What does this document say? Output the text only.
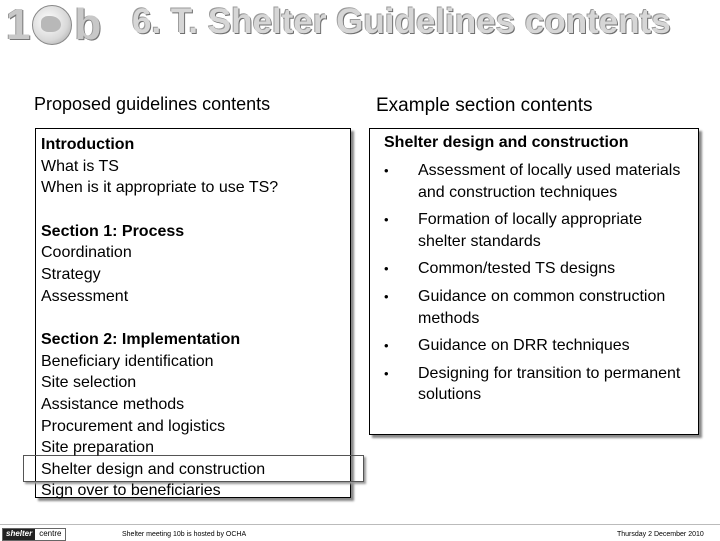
1 b 6. T. Shelter Guidelines contents
Proposed guidelines contents	Example section contents
Introduction
What is TS
When is it appropriate to use TS?
Section 1: Process
Coordination
Strategy
Assessment
Section 2: Implementation
Beneficiary identification
Site selection
Assistance methods
Procurement and logistics
Site preparation
Shelter design and construction
Sign over to beneficiaries
Shelter design and construction
•	Assessment of locally used materials and construction techniques
•	Formation of locally appropriate shelter standards
•	Common/tested TS designs
•	Guidance on common construction methods
•	Guidance on DRR techniques
•	Designing for transition to permanent solutions
shelter centre	Shelter meeting 10b is hosted by OCHA	Thursday 2 December 2010
